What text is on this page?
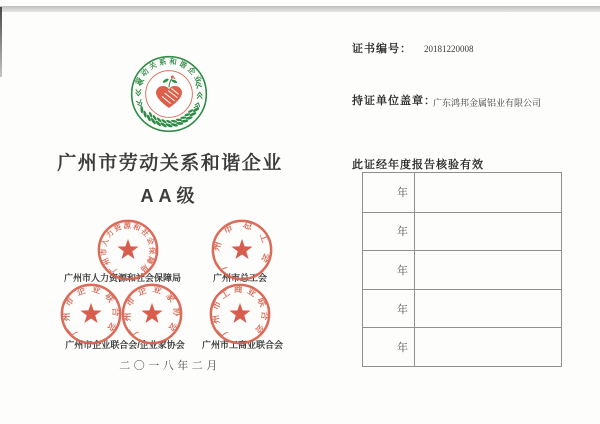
劳动关系和谐企业
广州市劳动关系和谐企业
AA级
广州市人力资源和社会保障局	广州市总工会
广州市企业联合会/企业家协会	广州市工商业联合会
广州市人力资源和社会保障局	广州市总工会
广州市企业联合会 广州市企业家协会	广州市工商业联合会
二〇一八年二月
证书编号： 20181220008
持证单位盖章：
广东鸿邦金属铝业有限公司
此证经年度报告核验有效
年
年
年
年
年
